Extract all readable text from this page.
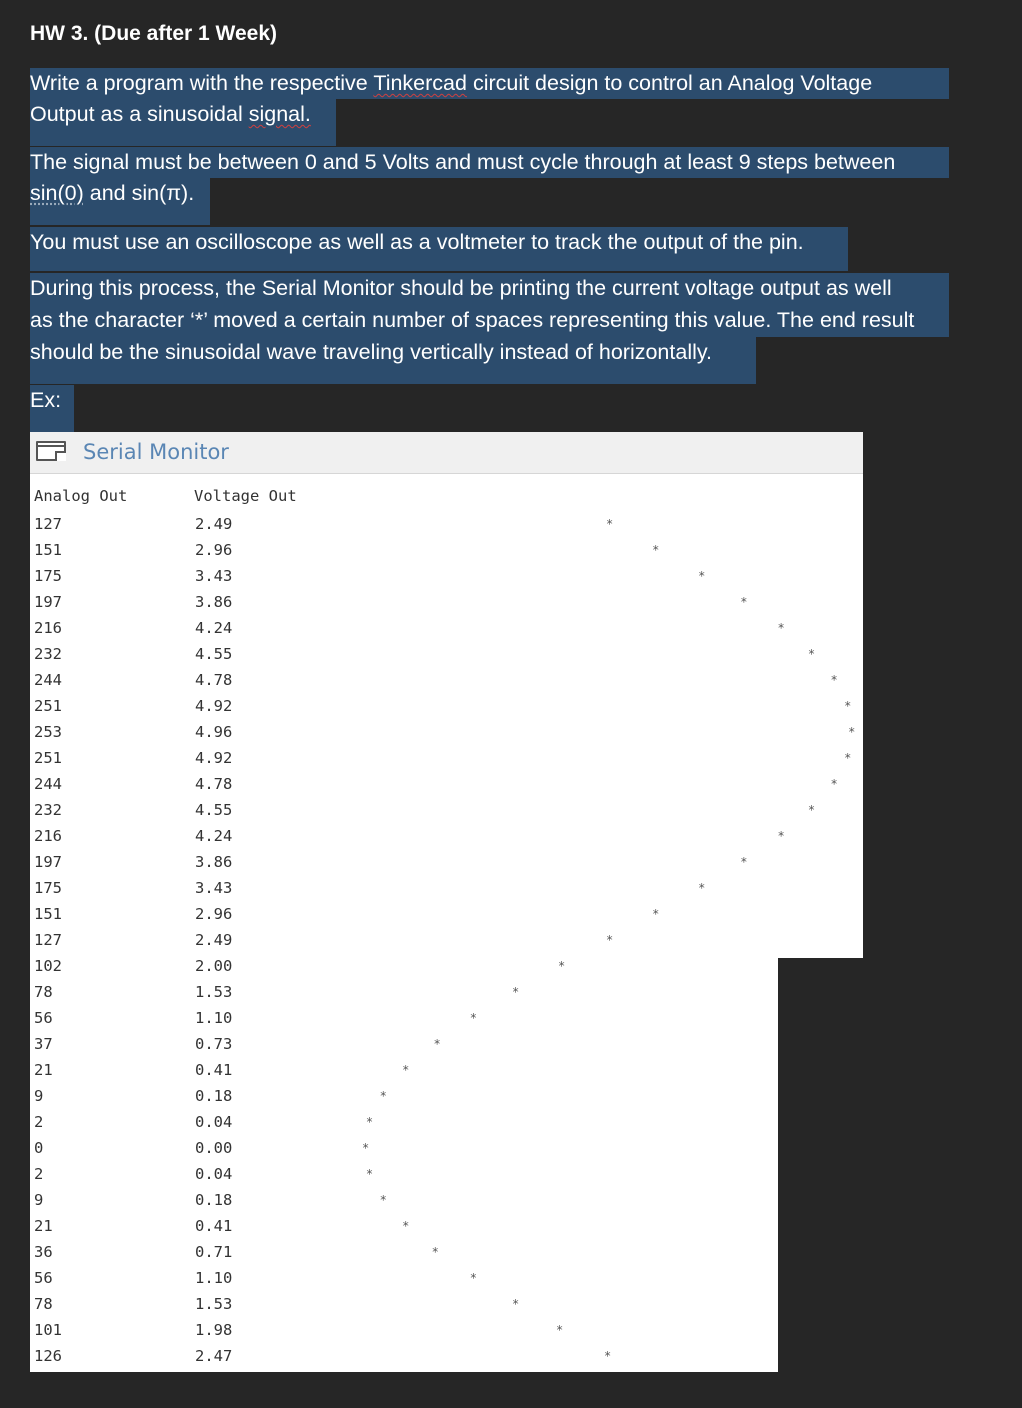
HW 3. (Due after 1 Week)
Write a program with the respective Tinkercad circuit design to control an Analog Voltage
Output as a sinusoidal signal.
The signal must be between 0 and 5 Volts and must cycle through at least 9 steps between
sin(0) and sin(π).
You must use an oscilloscope as well as a voltmeter to track the output of the pin.
During this process, the Serial Monitor should be printing the current voltage output as well
as the character ‘*’ moved a certain number of spaces representing this value. The end result
should be the sinusoidal wave traveling vertically instead of horizontally.
Ex:
Serial Monitor
Analog Out	Voltage Out
127	2.49	*
151	2.96	*
175	3.43	*
197	3.86	*
216	4.24	*
232	4.55	*
244	4.78	*
251	4.92	*
253	4.96	*
251	4.92	*
244	4.78	*
232	4.55	*
216	4.24	*
197	3.86	*
175	3.43	*
151	2.96	*
127	2.49	*
102	2.00	*
78	1.53	*
56	1.10	*
37	0.73	*
21	0.41	*
9	0.18	*
2	0.04	*
0	0.00	*
2	0.04	*
9	0.18	*
21	0.41	*
36	0.71	*
56	1.10	*
78	1.53	*
101	1.98	*
126	2.47	*
